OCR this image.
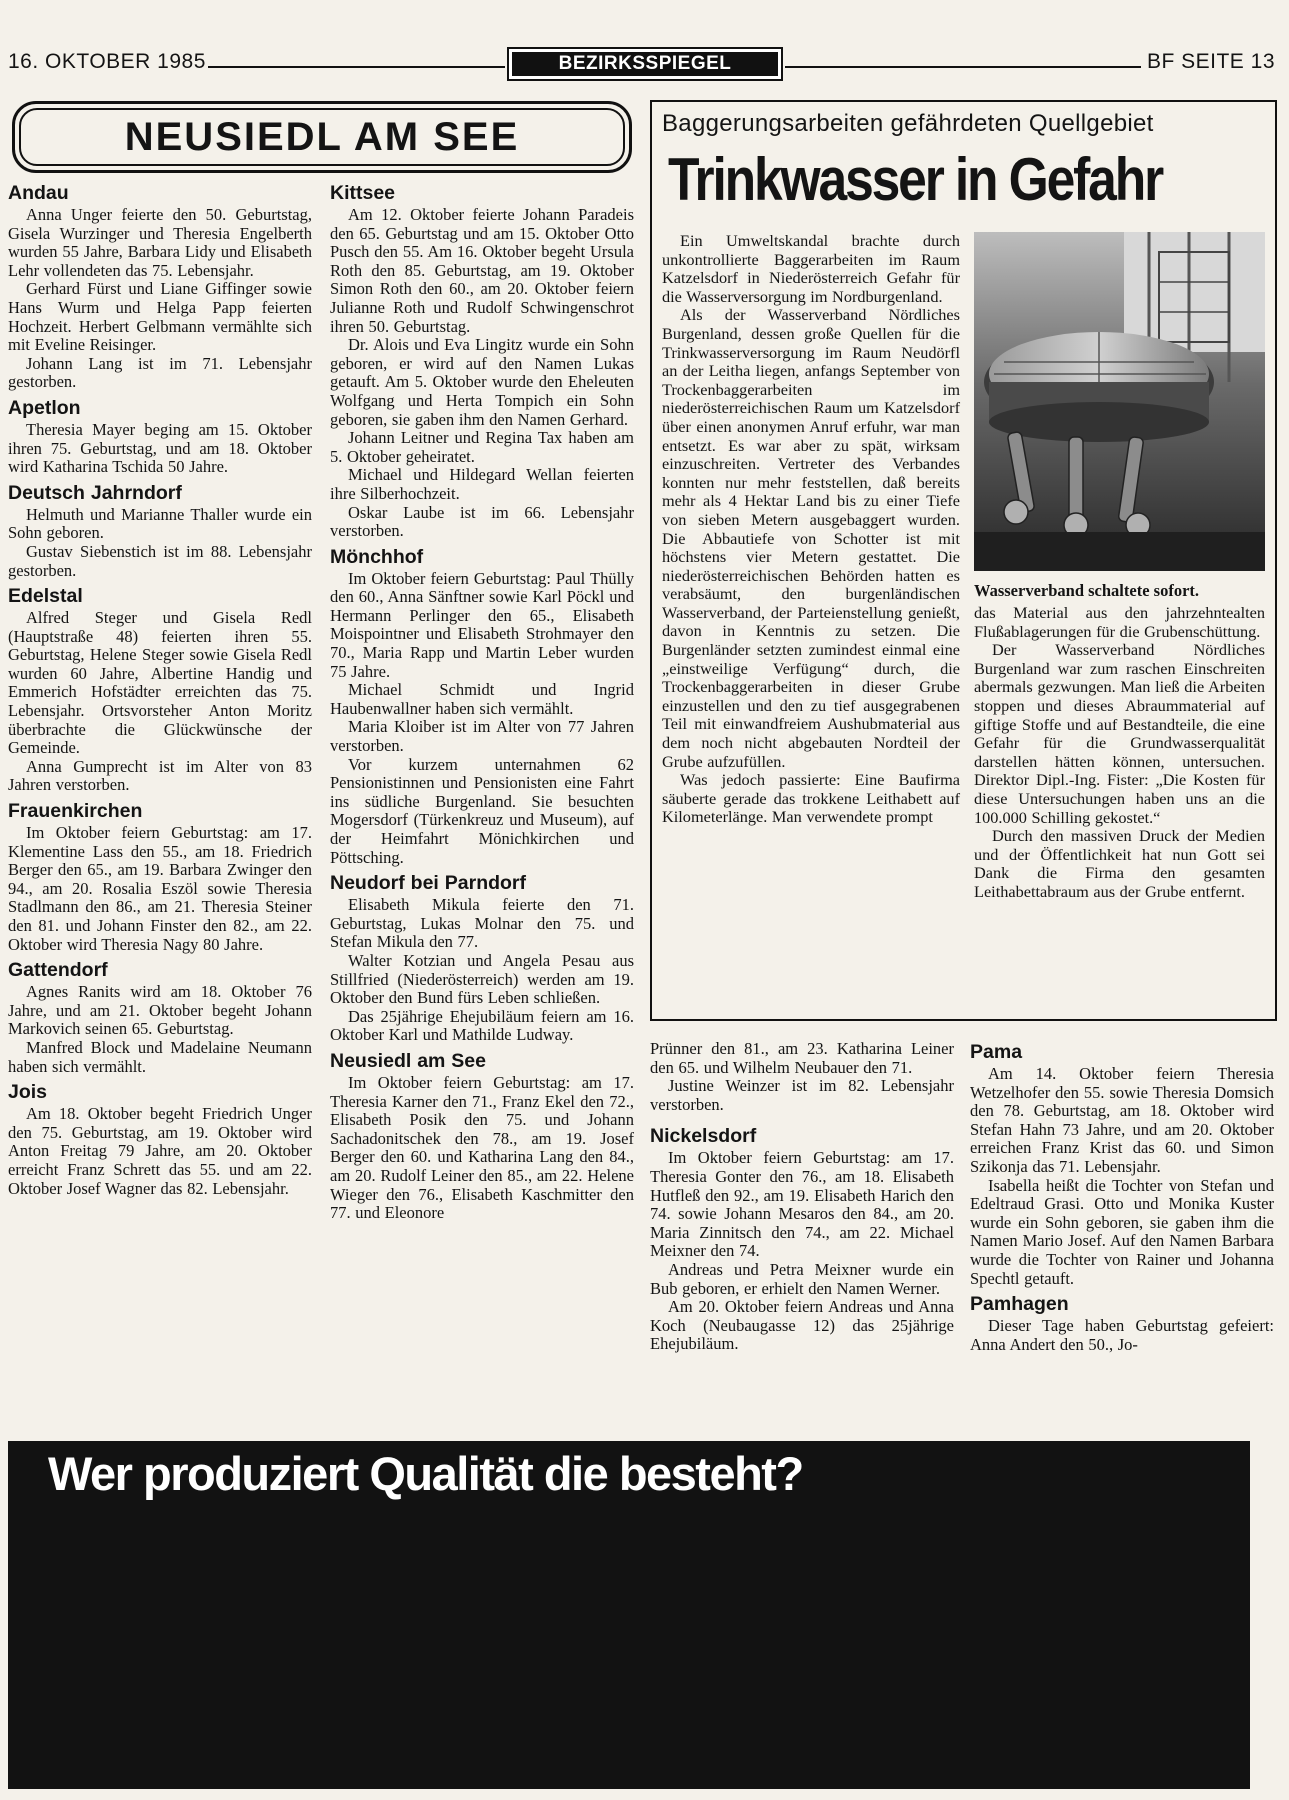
16. OKTOBER 1985	BEZIRKSSPIEGEL	BF SEITE 13
NEUSIEDL AM SEE
Andau

Anna Unger feierte den 50. Geburtstag, Gisela Wurzinger und Theresia Engelberth wurden 55 Jahre, Barbara Lidy und Elisabeth Lehr vollendeten das 75. Lebensjahr.

Gerhard Fürst und Liane Giffinger sowie Hans Wurm und Helga Papp feierten Hochzeit. Herbert Gelbmann vermählte sich mit Eveline Reisinger.

Johann Lang ist im 71. Lebensjahr gestorben.

Apetlon

Theresia Mayer beging am 15. Oktober ihren 75. Geburtstag, und am 18. Oktober wird Katharina Tschida 50 Jahre.

Deutsch Jahrndorf

Helmuth und Marianne Thaller wurde ein Sohn geboren.

Gustav Siebenstich ist im 88. Lebensjahr gestorben.

Edelstal

Alfred Steger und Gisela Redl (Hauptstraße 48) feierten ihren 55. Geburtstag, Helene Steger sowie Gisela Redl wurden 60 Jahre, Albertine Handig und Emmerich Hofstädter erreichten das 75. Lebensjahr. Ortsvorsteher Anton Moritz überbrachte die Glückwünsche der Gemeinde.

Anna Gumprecht ist im Alter von 83 Jahren verstorben.

Frauenkirchen

Im Oktober feiern Geburtstag: am 17. Klementine Lass den 55., am 18. Friedrich Berger den 65., am 19. Barbara Zwinger den 94., am 20. Rosalia Eszöl sowie Theresia Stadlmann den 86., am 21. Theresia Steiner den 81. und Johann Finster den 82., am 22. Oktober wird Theresia Nagy 80 Jahre.

Gattendorf

Agnes Ranits wird am 18. Oktober 76 Jahre, und am 21. Oktober begeht Johann Markovich seinen 65. Geburtstag.

Manfred Block und Madelaine Neumann haben sich vermählt.

Jois

Am 18. Oktober begeht Friedrich Unger den 75. Geburtstag, am 19. Oktober wird Anton Freitag 79 Jahre, am 20. Oktober erreicht Franz Schrett das 55. und am 22. Oktober Josef Wagner das 82. Lebensjahr.

Kittsee

Am 12. Oktober feierte Johann Paradeis den 65. Geburtstag und am 15. Oktober Otto Pusch den 55. Am 16. Oktober begeht Ursula Roth den 85. Geburtstag, am 19. Oktober Simon Roth den 60., am 20. Oktober feiern Julianne Roth und Rudolf Schwingenschrot ihren 50. Geburtstag.

Dr. Alois und Eva Lingitz wurde ein Sohn geboren, er wird auf den Namen Lukas getauft. Am 5. Oktober wurde den Eheleuten Wolfgang und Herta Tompich ein Sohn geboren, sie gaben ihm den Namen Gerhard.

Johann Leitner und Regina Tax haben am 5. Oktober geheiratet.

Michael und Hildegard Wellan feierten ihre Silberhochzeit.

Oskar Laube ist im 66. Lebensjahr verstorben.

Mönchhof

Im Oktober feiern Geburtstag: Paul Thülly den 60., Anna Sänftner sowie Karl Pöckl und Hermann Perlinger den 65., Elisabeth Moispointner und Elisabeth Strohmayer den 70., Maria Rapp und Martin Leber wurden 75 Jahre.

Michael Schmidt und Ingrid Haubenwallner haben sich vermählt.

Maria Kloiber ist im Alter von 77 Jahren verstorben.

Vor kurzem unternahmen 62 Pensionistinnen und Pensionisten eine Fahrt ins südliche Burgenland. Sie besuchten Mogersdorf (Türkenkreuz und Museum), auf der Heimfahrt Mönichkirchen und Pöttsching.

Neudorf bei Parndorf

Elisabeth Mikula feierte den 71. Geburtstag, Lukas Molnar den 75. und Stefan Mikula den 77.

Walter Kotzian und Angela Pesau aus Stillfried (Niederösterreich) werden am 19. Oktober den Bund fürs Leben schließen.

Das 25jährige Ehejubiläum feiern am 16. Oktober Karl und Mathilde Ludway.

Neusiedl am See

Im Oktober feiern Geburtstag: am 17. Theresia Karner den 71., Franz Ekel den 72., Elisabeth Posik den 75. und Johann Sachadonitschek den 78., am 19. Josef Berger den 60. und Katharina Lang den 84., am 20. Rudolf Leiner den 85., am 22. Helene Wieger den 76., Elisabeth Kaschmitter den 77. und Eleonore

Baggerungsarbeiten gefährdeten Quellgebiet
Trinkwasser in Gefahr

Ein Umweltskandal brachte durch unkontrollierte Baggerarbeiten im Raum Katzelsdorf in Niederösterreich Gefahr für die Wasserversorgung im Nordburgenland.

Als der Wasserverband Nördliches Burgenland, dessen große Quellen für die Trinkwasserversorgung im Raum Neudörfl an der Leitha liegen, anfangs September von Trockenbaggerarbeiten im niederösterreichischen Raum um Katzelsdorf über einen anonymen Anruf erfuhr, war man entsetzt. Es war aber zu spät, wirksam einzuschreiten. Vertreter des Verbandes konnten nur mehr feststellen, daß bereits mehr als 4 Hektar Land bis zu einer Tiefe von sieben Metern ausgebaggert wurden. Die Abbautiefe von Schotter ist mit höchstens vier Metern gestattet. Die niederösterreichischen Behörden hatten es verabsäumt, den burgenländischen Wasserverband, der Parteienstellung genießt, davon in Kenntnis zu setzen. Die Burgenländer setzten zumindest einmal eine „einstweilige Verfügung“ durch, die Trockenbaggerarbeiten in dieser Grube einzustellen und den zu tief ausgegrabenen Teil mit einwandfreiem Aushubmaterial aus dem noch nicht abgebauten Nordteil der Grube aufzufüllen.

Was jedoch passierte: Eine Baufirma säuberte gerade das trokkene Leithabett auf Kilometerlänge. Man verwendete prompt

Wasserverband schaltete sofort.

das Material aus den jahrzehntealten Flußablagerungen für die Grubenschüttung.

Der Wasserverband Nördliches Burgenland war zum raschen Einschreiten abermals gezwungen. Man ließ die Arbeiten stoppen und dieses Abraummaterial auf giftige Stoffe und auf Bestandteile, die eine Gefahr für die Grundwasserqualität darstellen hätten können, untersuchen. Direktor Dipl.-Ing. Fister: „Die Kosten für diese Untersuchungen haben uns an die 100.000 Schilling gekostet.“

Durch den massiven Druck der Medien und der Öffentlichkeit hat nun Gott sei Dank die Firma den gesamten Leithabettabraum aus der Grube entfernt.

Prünner den 81., am 23. Katharina Leiner den 65. und Wilhelm Neubauer den 71.

Justine Weinzer ist im 82. Lebensjahr verstorben.

Nickelsdorf

Im Oktober feiern Geburtstag: am 17. Theresia Gonter den 76., am 18. Elisabeth Hutfleß den 92., am 19. Elisabeth Harich den 74. sowie Johann Mesaros den 84., am 20. Maria Zinnitsch den 74., am 22. Michael Meixner den 74.

Andreas und Petra Meixner wurde ein Bub geboren, er erhielt den Namen Werner.

Am 20. Oktober feiern Andreas und Anna Koch (Neubaugasse 12) das 25jährige Ehejubiläum.

Pama

Am 14. Oktober feiern Theresia Wetzelhofer den 55. sowie Theresia Domsich den 78. Geburtstag, am 18. Oktober wird Stefan Hahn 73 Jahre, und am 20. Oktober erreichen Franz Krist das 60. und Simon Szikonja das 71. Lebensjahr.

Isabella heißt die Tochter von Stefan und Edeltraud Grasi. Otto und Monika Kuster wurde ein Sohn geboren, sie gaben ihm die Namen Mario Josef. Auf den Namen Barbara wurde die Tochter von Rainer und Johanna Spechtl getauft.

Pamhagen

Dieser Tage haben Geburtstag gefeiert: Anna Andert den 50., Jo-

Wer produziert Qualität die besteht?
